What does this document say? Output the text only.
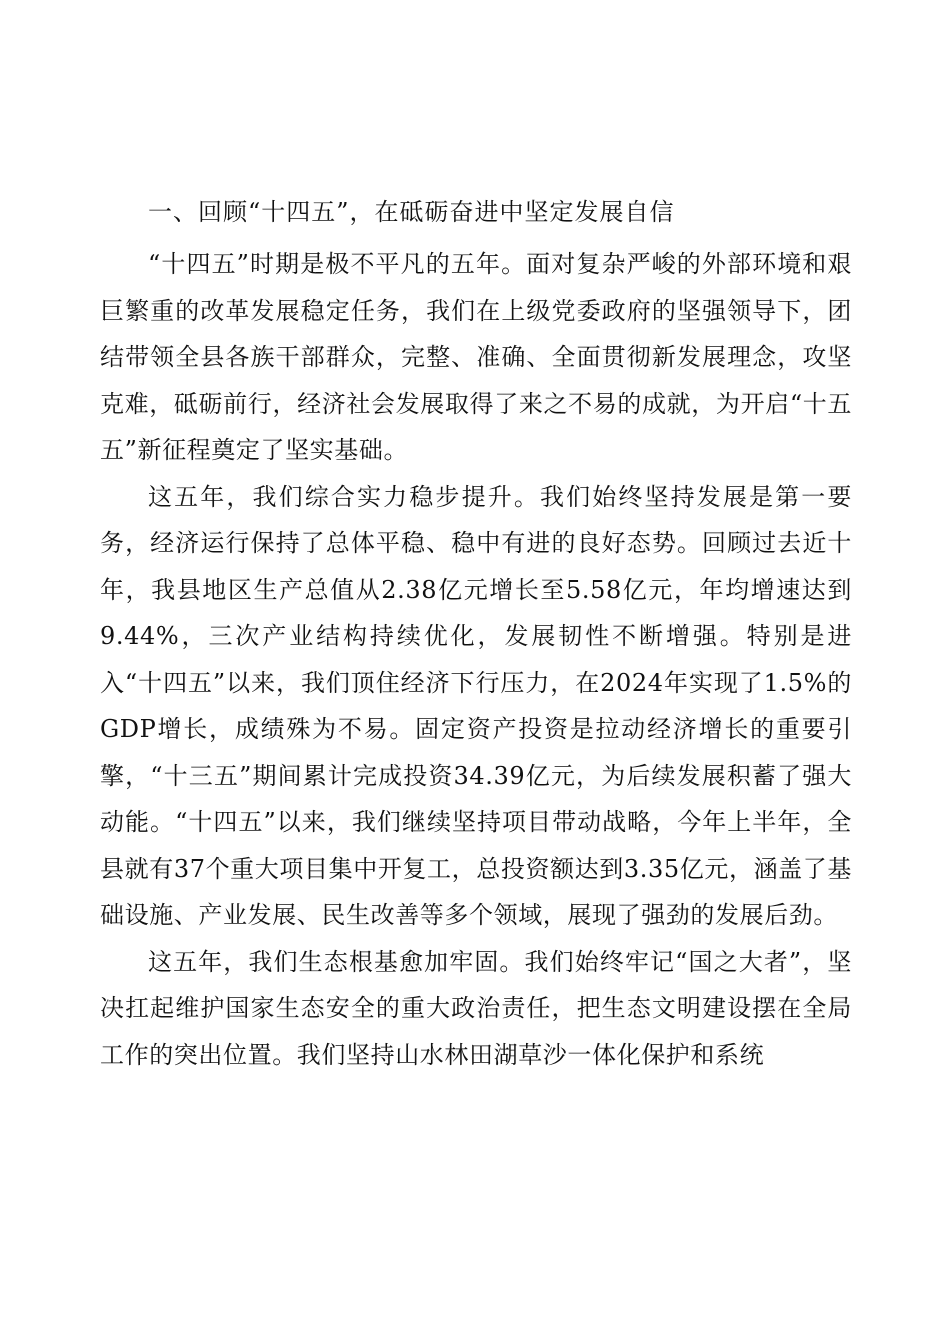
一、回顾“十四五”，在砥砺奋进中坚定发展自信

“十四五”时期是极不平凡的五年。面对复杂严峻的外部环境和艰巨繁重的改革发展稳定任务，我们在上级党委政府的坚强领导下，团结带领全县各族干部群众，完整、准确、全面贯彻新发展理念，攻坚克难，砥砺前行，经济社会发展取得了来之不易的成就，为开启“十五五”新征程奠定了坚实基础。

这五年，我们综合实力稳步提升。我们始终坚持发展是第一要务，经济运行保持了总体平稳、稳中有进的良好态势。回顾过去近十年，我县地区生产总值从2.38亿元增长至5.58亿元，年均增速达到9.44%，三次产业结构持续优化，发展韧性不断增强。特别是进入“十四五”以来，我们顶住经济下行压力，在2024年实现了1.5%的GDP增长，成绩殊为不易。固定资产投资是拉动经济增长的重要引擎，“十三五”期间累计完成投资34.39亿元，为后续发展积蓄了强大动能。“十四五”以来，我们继续坚持项目带动战略，今年上半年，全县就有37个重大项目集中开复工，总投资额达到3.35亿元，涵盖了基础设施、产业发展、民生改善等多个领域，展现了强劲的发展后劲。

这五年，我们生态根基愈加牢固。我们始终牢记“国之大者”，坚决扛起维护国家生态安全的重大政治责任，把生态文明建设摆在全局工作的突出位置。我们坚持山水林田湖草沙一体化保护和系统
